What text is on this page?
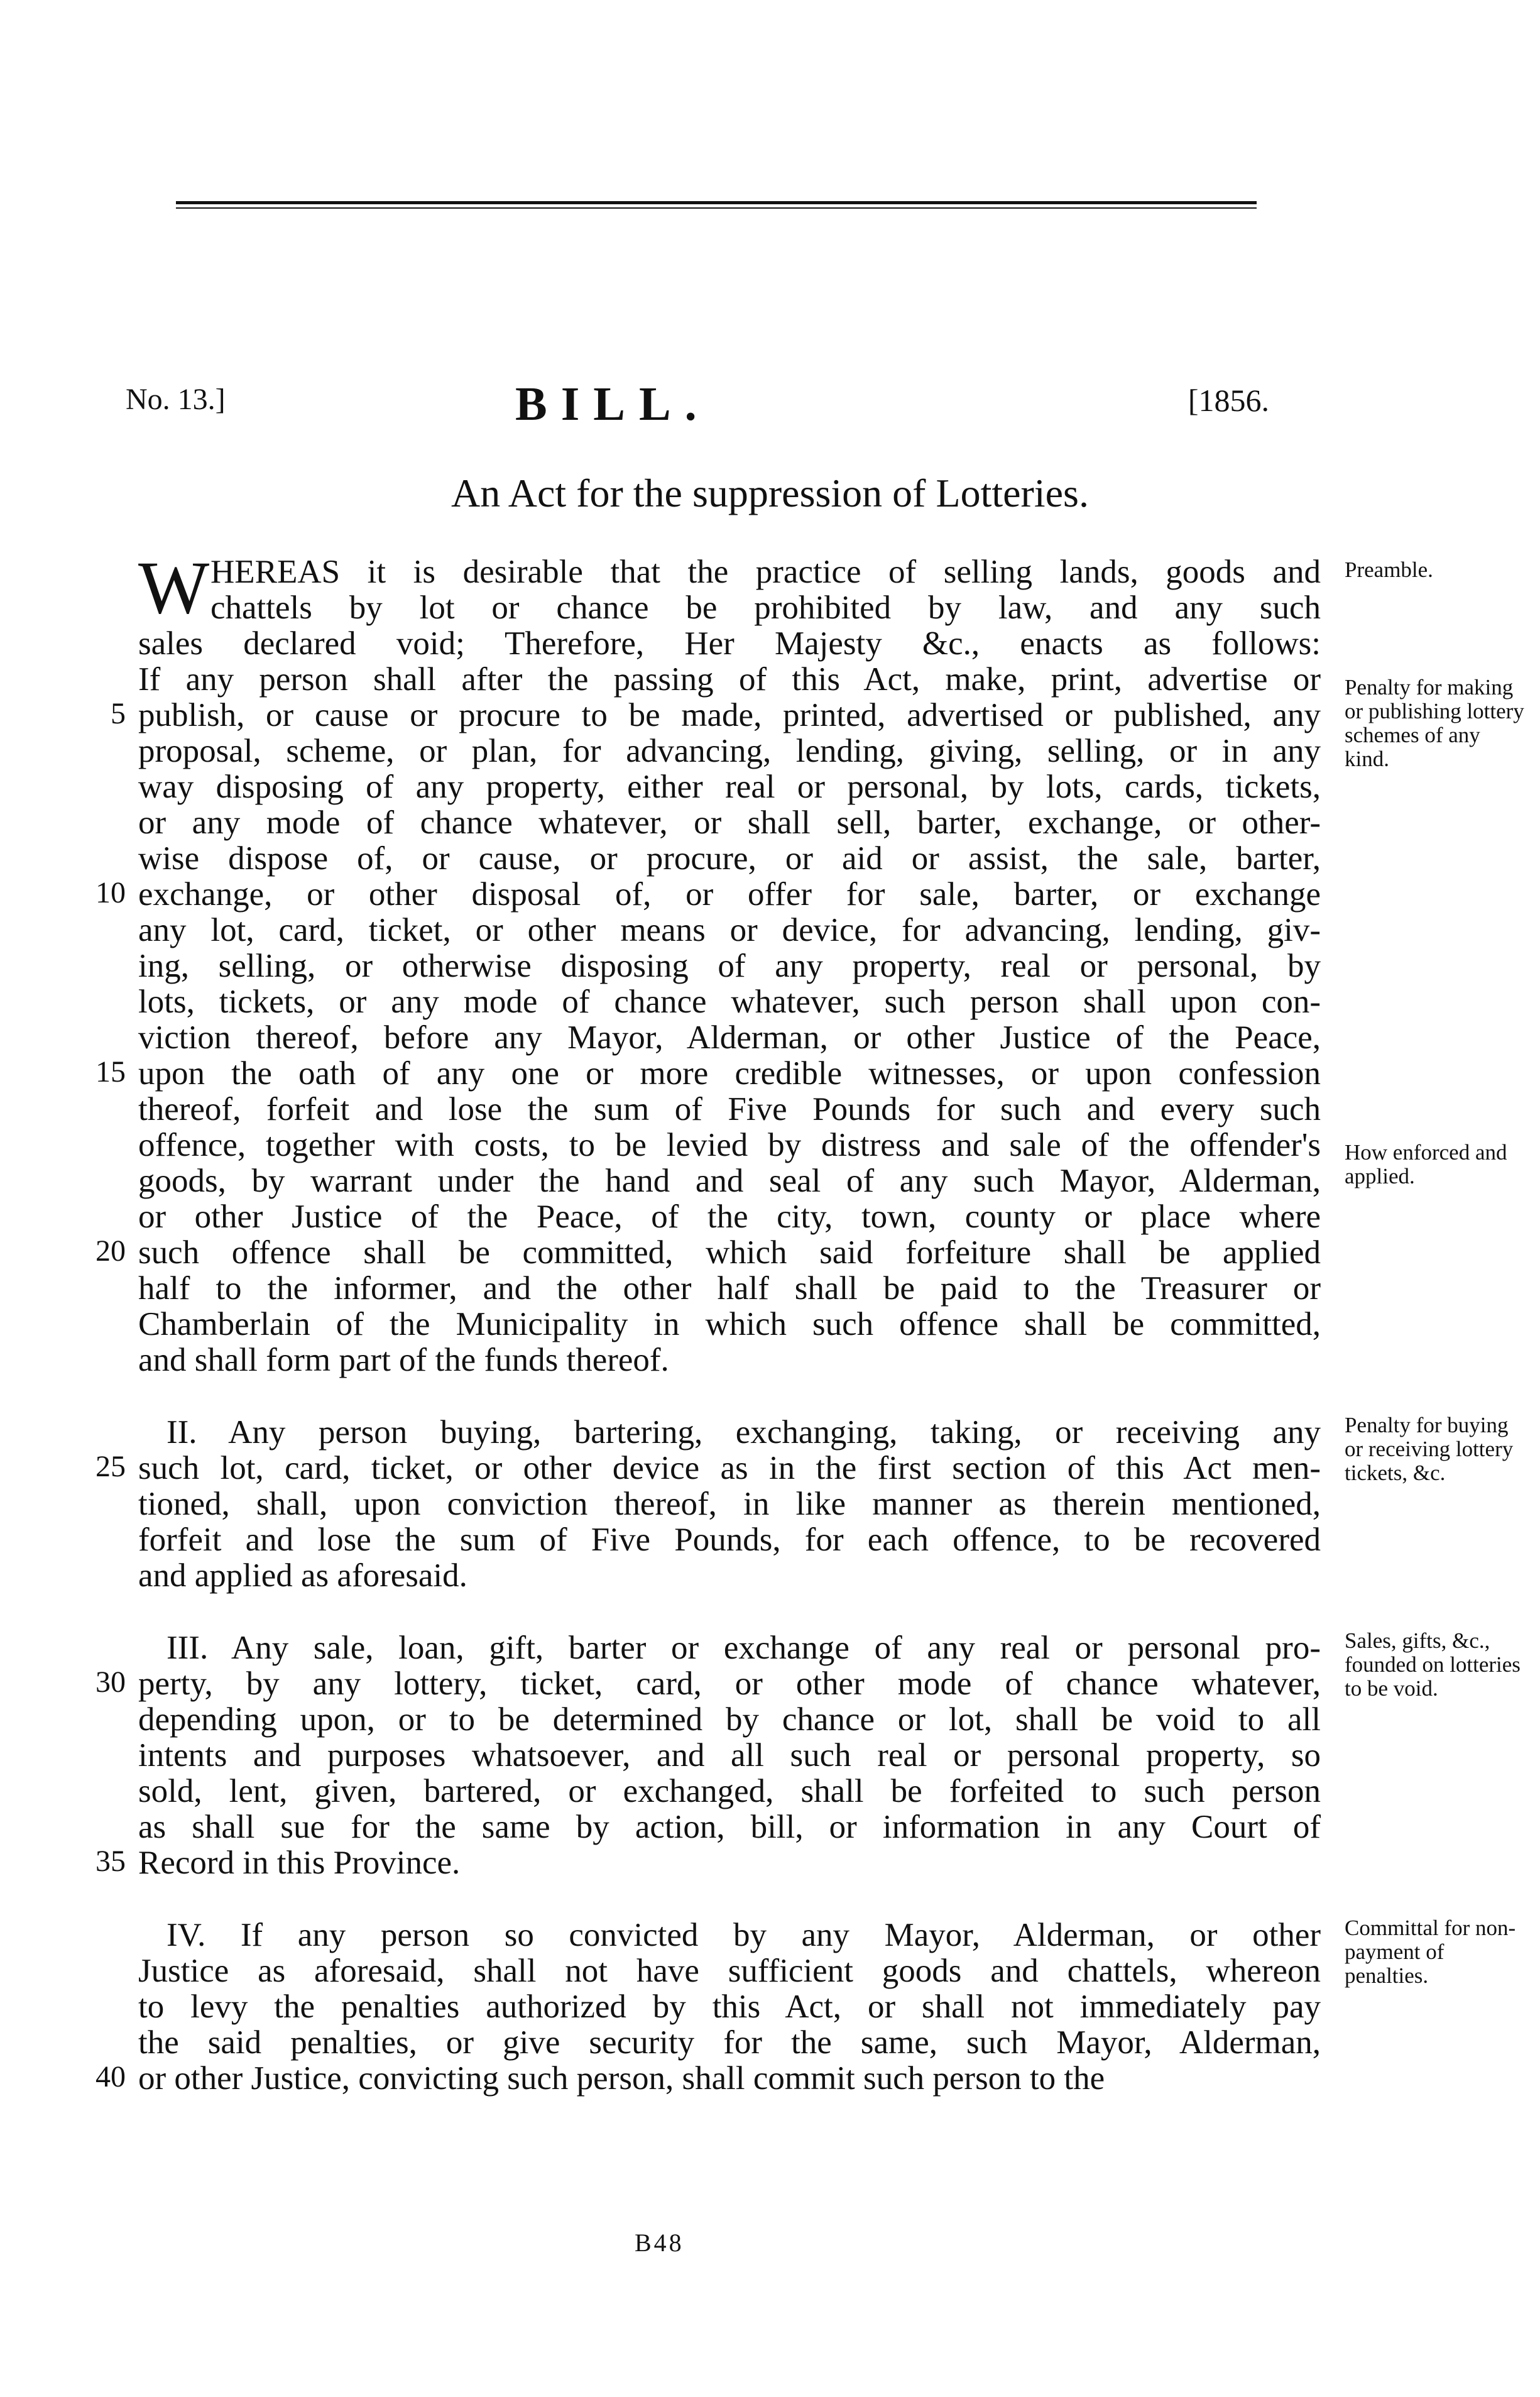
No. 13.]	BILL.	[1856.
An Act for the suppression of Lotteries.
W HEREAS it is desirable that the practice of selling lands, goods and
chattels by lot or chance be prohibited by law, and any such
sales declared void; Therefore, Her Majesty &c., enacts as follows:
If any person shall after the passing of this Act, make, print, advertise or
5 publish, or cause or procure to be made, printed, advertised or published, any
proposal, scheme, or plan, for advancing, lending, giving, selling, or in any
way disposing of any property, either real or personal, by lots, cards, tickets,
or any mode of chance whatever, or shall sell, barter, exchange, or other-
wise dispose of, or cause, or procure, or aid or assist, the sale, barter,
10 exchange, or other disposal of, or offer for sale, barter, or exchange
any lot, card, ticket, or other means or device, for advancing, lending, giv-
ing, selling, or otherwise disposing of any property, real or personal, by
lots, tickets, or any mode of chance whatever, such person shall upon con-
viction thereof, before any Mayor, Alderman, or other Justice of the Peace,
15 upon the oath of any one or more credible witnesses, or upon confession
thereof, forfeit and lose the sum of Five Pounds for such and every such
offence, together with costs, to be levied by distress and sale of the offender's
goods, by warrant under the hand and seal of any such Mayor, Alderman,
or other Justice of the Peace, of the city, town, county or place where
20 such offence shall be committed, which said forfeiture shall be applied
half to the informer, and the other half shall be paid to the Treasurer or
Chamberlain of the Municipality in which such offence shall be committed,
and shall form part of the funds thereof.
Preamble.
Penalty for making or publishing lottery schemes of any kind.
How enforced and applied.
II. Any person buying, bartering, exchanging, taking, or receiving any
25 such lot, card, ticket, or other device as in the first section of this Act men-
tioned, shall, upon conviction thereof, in like manner as therein mentioned,
forfeit and lose the sum of Five Pounds, for each offence, to be recovered
and applied as aforesaid.
Penalty for buying or receiving lottery tickets, &c.
III. Any sale, loan, gift, barter or exchange of any real or personal pro-
30 perty, by any lottery, ticket, card, or other mode of chance whatever,
depending upon, or to be determined by chance or lot, shall be void to all
intents and purposes whatsoever, and all such real or personal property, so
sold, lent, given, bartered, or exchanged, shall be forfeited to such person
as shall sue for the same by action, bill, or information in any Court of
35 Record in this Province.
Sales, gifts, &c., founded on lotteries to be void.
IV. If any person so convicted by any Mayor, Alderman, or other
Justice as aforesaid, shall not have sufficient goods and chattels, whereon
to levy the penalties authorized by this Act, or shall not immediately pay
the said penalties, or give security for the same, such Mayor, Alderman,
40 or other Justice, convicting such person, shall commit such person to the
Committal for non-payment of penalties.
B48
